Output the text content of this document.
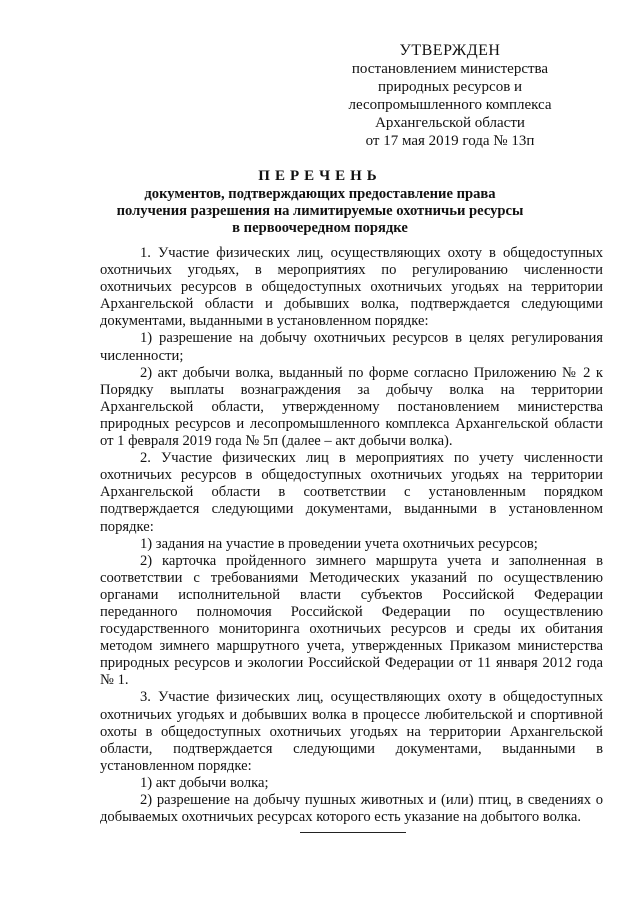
УТВЕРЖДЕН
постановлением министерства
природных ресурсов и
лесопромышленного комплекса
Архангельской области
от 17 мая 2019 года № 13п
ПЕРЕЧЕНЬ
документов, подтверждающих предоставление права
получения разрешения на лимитируемые охотничьи ресурсы
в первоочередном порядке

1. Участие физических лиц, осуществляющих охоту в общедоступных охотничьих угодьях, в мероприятиях по регулированию численности охотничьих ресурсов в общедоступных охотничьих угодьях на территории Архангельской области и добывших волка, подтверждается следующими документами, выданными в установленном порядке:

1) разрешение на добычу охотничьих ресурсов в целях регулирования численности;

2) акт добычи волка, выданный по форме согласно Приложению № 2 к Порядку выплаты вознаграждения за добычу волка на территории Архангельской области, утвержденному постановлением министерства природных ресурсов и лесопромышленного комплекса Архангельской области от 1 февраля 2019 года № 5п (далее – акт добычи волка).

2. Участие физических лиц в мероприятиях по учету численности охотничьих ресурсов в общедоступных охотничьих угодьях на территории Архангельской области в соответствии с установленным порядком подтверждается следующими документами, выданными в установленном порядке:

1) задания на участие в проведении учета охотничьих ресурсов;

2) карточка пройденного зимнего маршрута учета и заполненная в соответствии с требованиями Методических указаний по осуществлению органами исполнительной власти субъектов Российской Федерации переданного полномочия Российской Федерации по осуществлению государственного мониторинга охотничьих ресурсов и среды их обитания методом зимнего маршрутного учета, утвержденных Приказом министерства природных ресурсов и экологии Российской Федерации от 11 января 2012 года № 1.

3. Участие физических лиц, осуществляющих охоту в общедоступных охотничьих угодьях и добывших волка в процессе любительской и спортивной охоты в общедоступных охотничьих угодьях на территории Архангельской области, подтверждается следующими документами, выданными в установленном порядке:

1) акт добычи волка;

2) разрешение на добычу пушных животных и (или) птиц, в сведениях о добываемых охотничьих ресурсах которого есть указание на добытого волка.
